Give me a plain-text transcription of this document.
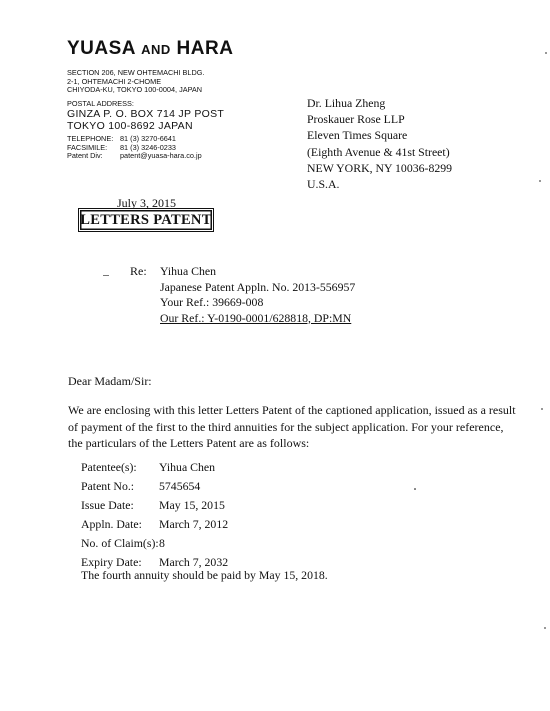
YUASA AND HARA
SECTION 206, NEW OHTEMACHI BLDG.
2-1, OHTEMACHI 2-CHOME
CHIYODA-KU, TOKYO 100-0004, JAPAN
POSTAL ADDRESS:
GINZA P. O. BOX 714 JP POST
TOKYO 100-8692 JAPAN
TELEPHONE: 81 (3) 3270-6641
FACSIMILE: 81 (3) 3246-0233
Patent Div: patent@yuasa-hara.co.jp
Dr. Lihua Zheng
Proskauer Rose LLP
Eleven Times Square
(Eighth Avenue & 41st Street)
NEW YORK, NY 10036-8299
U.S.A.
July 3, 2015
LETTERS PATENT
Re: Yihua Chen
Japanese Patent Appln. No. 2013-556957
Your Ref.: 39669-008
Our Ref.: Y-0190-0001/628818, DP:MN
Dear Madam/Sir:
We are enclosing with this letter Letters Patent of the captioned application, issued as a result
of payment of the first to the third annuities for the subject application. For your reference,
the particulars of the Letters Patent are as follows:
Patentee(s): Yihua Chen
Patent No.: 5745654
Issue Date: May 15, 2015
Appln. Date: March 7, 2012
No. of Claim(s): 8
Expiry Date: March 7, 2032
The fourth annuity should be paid by May 15, 2018.
